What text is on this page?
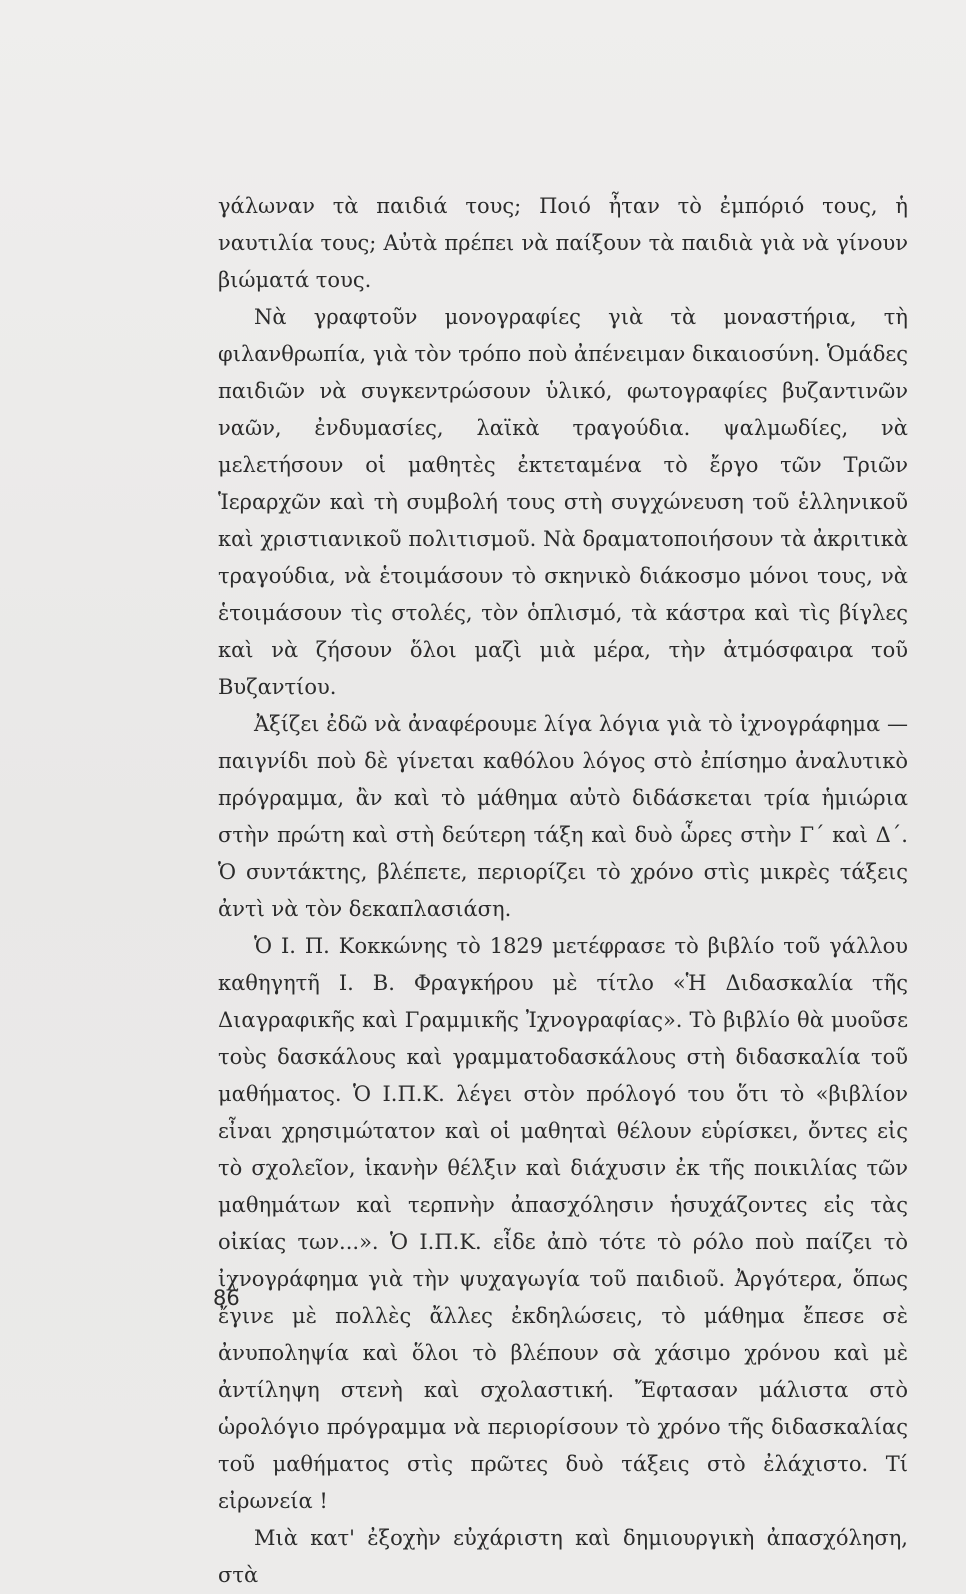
γάλωναν τὰ παιδιά τους; Ποιό ἦταν τὸ ἐμπόριό τους, ἡ ναυτιλία τους; Αὐτὰ πρέπει νὰ παίξουν τὰ παιδιὰ γιὰ νὰ γίνουν βιώματά τους.

Νὰ γραφτοῦν μονογραφίες γιὰ τὰ μοναστήρια, τὴ φιλανθρωπία, γιὰ τὸν τρόπο ποὺ ἀπένειμαν δικαιοσύνη. Ὁμάδες παιδιῶν νὰ συγκεντρώσουν ὑλικό, φωτογραφίες βυζαντινῶν ναῶν, ἐνδυμασίες, λαϊκὰ τραγούδια. ψαλμωδίες, νὰ μελετήσουν οἱ μαθητὲς ἐκτεταμένα τὸ ἔργο τῶν Τριῶν Ἱεραρχῶν καὶ τὴ συμβολή τους στὴ συγχώνευση τοῦ ἑλληνικοῦ καὶ χριστιανικοῦ πολιτισμοῦ. Νὰ δραματοποιήσουν τὰ ἀκριτικὰ τραγούδια, νὰ ἑτοιμάσουν τὸ σκηνικὸ διάκοσμο μόνοι τους, νὰ ἑτοιμάσουν τὶς στολές, τὸν ὁπλισμό, τὰ κάστρα καὶ τὶς βίγλες καὶ νὰ ζήσουν ὅλοι μαζὶ μιὰ μέρα, τὴν ἀτμόσφαιρα τοῦ Βυζαντίου.

Ἀξίζει ἐδῶ νὰ ἀναφέρουμε λίγα λόγια γιὰ τὸ ἰχνογράφημα — παιγνίδι ποὺ δὲ γίνεται καθόλου λόγος στὸ ἐπίσημο ἀναλυτικὸ πρόγραμμα, ἂν καὶ τὸ μάθημα αὐτὸ διδάσκεται τρία ἡμιώρια στὴν πρώτη καὶ στὴ δεύτερη τάξη καὶ δυὸ ὧρες στὴν Γ΄ καὶ Δ΄. Ὁ συντάκτης, βλέπετε, περιορίζει τὸ χρόνο στὶς μικρὲς τάξεις ἀντὶ νὰ τὸν δεκαπλασιάση.

Ὁ Ι. Π. Κοκκώνης τὸ 1829 μετέφρασε τὸ βιβλίο τοῦ γάλλου καθηγητῆ Ι. Β. Φραγκήρου μὲ τίτλο «Ἡ Διδασκαλία τῆς Διαγραφικῆς καὶ Γραμμικῆς Ἰχνογραφίας». Τὸ βιβλίο θὰ μυοῦσε τοὺς δασκάλους καὶ γραμματοδασκάλους στὴ διδασκαλία τοῦ μαθήματος. Ὁ Ι.Π.Κ. λέγει στὸν πρόλογό του ὅτι τὸ «βιβλίον εἶναι χρησιμώτατον καὶ οἱ μαθηταὶ θέλουν εὑρίσκει, ὄντες εἰς τὸ σχολεῖον, ἱκανὴν θέλξιν καὶ διάχυσιν ἐκ τῆς ποικιλίας τῶν μαθημάτων καὶ τερπνὴν ἀπασχόλησιν ἡσυχάζοντες εἰς τὰς οἰκίας των...». Ὁ Ι.Π.Κ. εἶδε ἀπὸ τότε τὸ ρόλο ποὺ παίζει τὸ ἰχνογράφημα γιὰ τὴν ψυχαγωγία τοῦ παιδιοῦ. Ἀργότερα, ὅπως ἔγινε μὲ πολλὲς ἄλλες ἐκδηλώσεις, τὸ μάθημα ἔπεσε σὲ ἀνυποληψία καὶ ὅλοι τὸ βλέπουν σὰ χάσιμο χρόνου καὶ μὲ ἀντίληψη στενὴ καὶ σχολαστική. Ἔφτασαν μάλιστα στὸ ὡρολόγιο πρόγραμμα νὰ περιορίσουν τὸ χρόνο τῆς διδασκαλίας τοῦ μαθήματος στὶς πρῶτες δυὸ τάξεις στὸ ἐλάχιστο. Τί εἰρωνεία !

Μιὰ κατ' ἐξοχὴν εὐχάριστη καὶ δημιουργικὴ ἀπασχόληση, στὰ

86
